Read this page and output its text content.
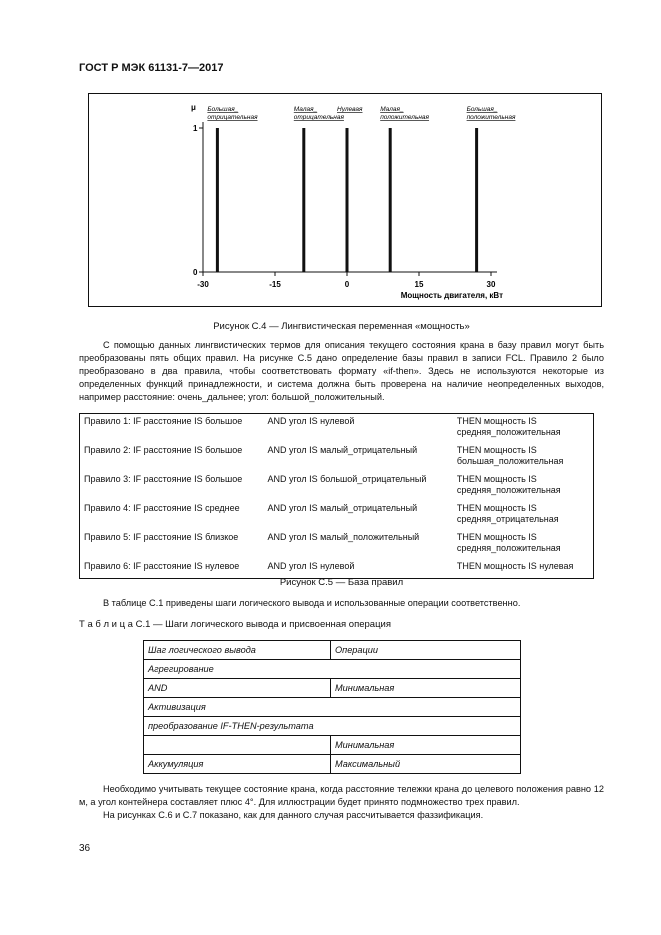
ГОСТ Р МЭК 61131-7—2017
μ
0
1
-30	-15	0	15	30
Мощность двигателя, кВт
Большая_
отрицательная
Малая_
отрицательная
Нулевая	Малая_
положительная
Большая_
положительная
Рисунок С.4 — Лингвистическая переменная «мощность»

С помощью данных лингвистических термов для описания текущего состояния крана в базу правил могут быть преобразованы пять общих правил. На рисунке С.5 дано определение базы правил в записи FCL. Правило 2 было преобразовано в два правила, чтобы соответствовать формату «if-then». Здесь не используются некоторые из определенных функций принадлежности, и система должна быть проверена на наличие неопределенных выходов, например расстояние: очень_дальнее; угол: большой_положительный.

Правило 1: IF расстояние IS большое	AND угол IS нулевой	THEN мощность IS средняя_положительная
Правило 2: IF расстояние IS большое	AND угол IS малый_отрицательный	THEN мощность IS большая_положительная
Правило 3: IF расстояние IS большое	AND угол IS большой_отрицательный	THEN мощность IS средняя_положительная
Правило 4: IF расстояние IS среднее	AND угол IS малый_отрицательный	THEN мощность IS средняя_отрицательная
Правило 5: IF расстояние IS близкое	AND угол IS малый_положительный	THEN мощность IS средняя_положительная
Правило 6: IF расстояние IS нулевое	AND угол IS нулевой	THEN мощность IS нулевая
Рисунок С.5 — База правил

В таблице С.1 приведены шаги логического вывода и использованные операции соответственно.

Т а б л и ц а С.1 — Шаги логического вывода и присвоенная операция
Шаг логического вывода	Операции
Агрегирование	
AND	Минимальная
Активизация	
преобразование IF-THEN-результата	
	Минимальная
Аккумуляция	Максимальный

Необходимо учитывать текущее состояние крана, когда расстояние тележки крана до целевого положения равно 12 м, а угол контейнера составляет плюс 4°. Для иллюстрации будет принято подмножество трех правил.

На рисунках С.6 и С.7 показано, как для данного случая рассчитывается фаззификация.

36
